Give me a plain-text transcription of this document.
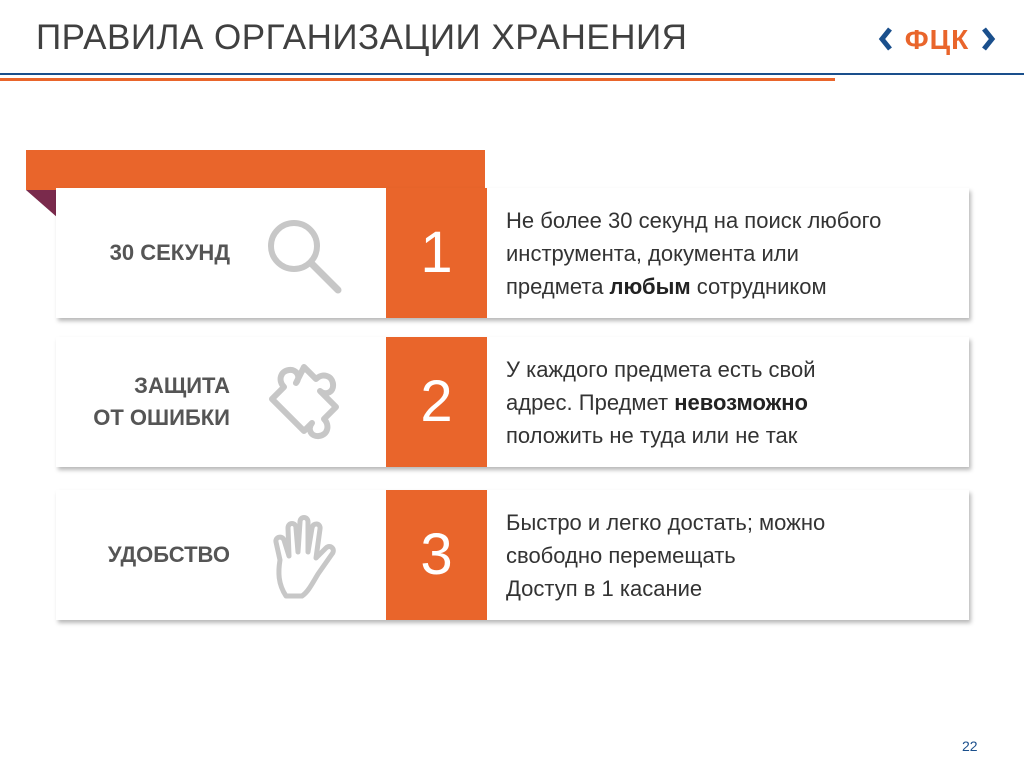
ПРАВИЛА ОРГАНИЗАЦИИ ХРАНЕНИЯ	ФЦК
30 СЕКУНД	1 Не более 30 секунд на поиск любого
инструмента, документа или
предмета любым сотрудником
ЗАЩИТА
ОТ ОШИБКИ	2 У каждого предмета есть свой
адрес. Предмет невозможно
положить не туда или не так
УДОБСТВО	3 Быстро и легко достать; можно
свободно перемещать
Доступ в 1 касание
22
